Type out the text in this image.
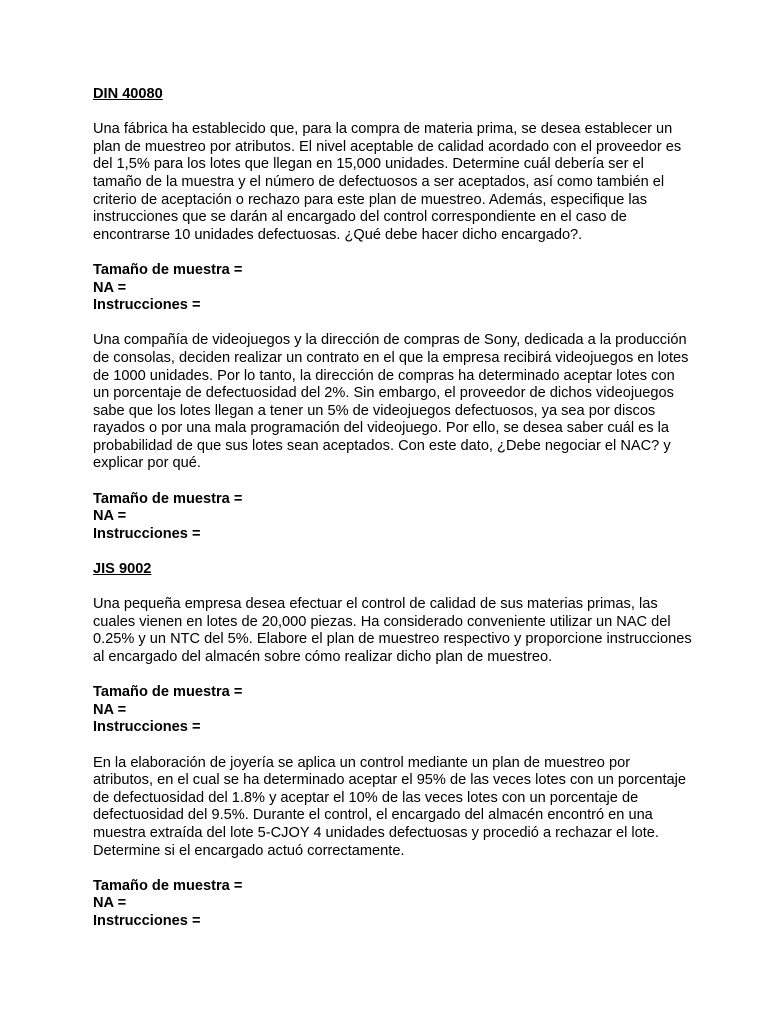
DIN 40080
Una fábrica ha establecido que, para la compra de materia prima, se desea establecer un
plan de muestreo por atributos. El nivel aceptable de calidad acordado con el proveedor es
del 1,5% para los lotes que llegan en 15,000 unidades. Determine cuál debería ser el
tamaño de la muestra y el número de defectuosos a ser aceptados, así como también el
criterio de aceptación o rechazo para este plan de muestreo. Además, especifique las
instrucciones que se darán al encargado del control correspondiente en el caso de
encontrarse 10 unidades defectuosas. ¿Qué debe hacer dicho encargado?.
Tamaño de muestra =
NA =
Instrucciones =
Una compañía de videojuegos y la dirección de compras de Sony, dedicada a la producción
de consolas, deciden realizar un contrato en el que la empresa recibirá videojuegos en lotes
de 1000 unidades. Por lo tanto, la dirección de compras ha determinado aceptar lotes con
un porcentaje de defectuosidad del 2%. Sin embargo, el proveedor de dichos videojuegos
sabe que los lotes llegan a tener un 5% de videojuegos defectuosos, ya sea por discos
rayados o por una mala programación del videojuego. Por ello, se desea saber cuál es la
probabilidad de que sus lotes sean aceptados. Con este dato, ¿Debe negociar el NAC? y
explicar por qué.
Tamaño de muestra =
NA =
Instrucciones =
JIS 9002
Una pequeña empresa desea efectuar el control de calidad de sus materias primas, las
cuales vienen en lotes de 20,000 piezas. Ha considerado conveniente utilizar un NAC del
0.25% y un NTC del 5%. Elabore el plan de muestreo respectivo y proporcione instrucciones
al encargado del almacén sobre cómo realizar dicho plan de muestreo.
Tamaño de muestra =
NA =
Instrucciones =
En la elaboración de joyería se aplica un control mediante un plan de muestreo por
atributos, en el cual se ha determinado aceptar el 95% de las veces lotes con un porcentaje
de defectuosidad del 1.8% y aceptar el 10% de las veces lotes con un porcentaje de
defectuosidad del 9.5%. Durante el control, el encargado del almacén encontró en una
muestra extraída del lote 5-CJOY 4 unidades defectuosas y procedió a rechazar el lote.
Determine si el encargado actuó correctamente.
Tamaño de muestra =
NA =
Instrucciones =
